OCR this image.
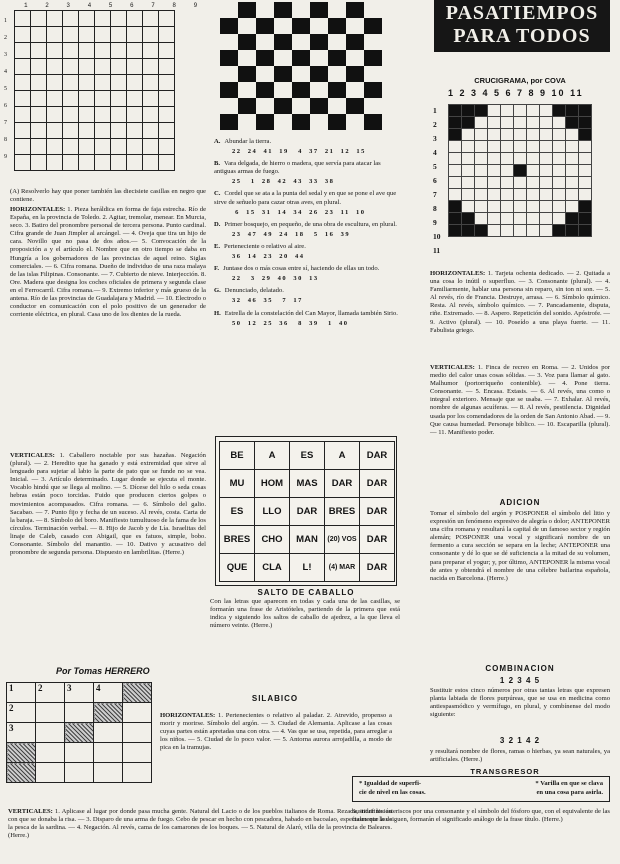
1 2 3 4 5 6 7 8 9
1
2
3
4
5
6
7
8
9

(A) Resolverlo hay que poner también las diecisiete casillas en negro que contiene.
HORIZONTALES: 1. Pieza heráldica en forma de faja estrecha. Río de España, en la provincia de Toledo. 2. Agitar, tremolar, menear. En Murcia, seco. 3. Batiro del pronombre personal de tercera persona. Punto cardinal. Cifra grande de Juan Jimpler al arcángel. — 4. Oveja que tira un hijo de cara. Novillo que no pasa de dos años.— 5. Convocación de la proposición a y el artículo el. Nombre que en otro tiempo se daba en Hungría a los gobernadores de las provincias de aquel reino. Siglas comerciales. — 6. Cifra romana. Dueño de individuo de una raza malaya de las islas Filipinas. Consonante. — 7. Cubierto de nieve. Interjección. 8. Ore. Madera que designa los coches oficiales de primera y segunda clase en el Ferrocarril. Cifra romana.— 9. Extremo inferior y más grueso de la antena. Río de las provincias de Guadalajara y Madrid. — 10. Electrodo o conductor en comunicación con el polo positivo de un generador de corriente eléctrica, en plural. Casa uno de los dientes de la rueda.
VERTICALES: 1. Caballero noctable por sus hazañas. Negación (plural). — 2. Heredito que ha ganado y está extremidad que sirve al lenguado para sujetar al labio la parte de pato que se funde no se vea. Inicial. — 3. Artículo determinado. Lugar donde se ejecuta el monte. Vocablo hindú que se llega al molino. — 5. Dícese del hilo o seda cosas hebras están poco torcidas. Fuido que producen ciertos golpes o movimientos acompasados. Cifra romana. — 6. Símbolo del galio. Sacabao. — 7. Punto fijo y fecha de un suceso. Al revés, costa. Carta de la baraja. — 8. Símbolo del boro. Manifiesto tumultuoso de la fama de los círculos. Terminación verbal. — 8. Hijo de Jacob y de Lía. Israelitas del linaje de Caleb, casado con Abigail, que es fatuos, simple, bobo. Consonante. Símbolo del manantio. — 10. Dativo y acusativo del pronombre de segunda persona. Dispuesto en lambrilitas. (Herre.)
Por Tomas HERRERO
1	2	3	4	
2				
3				

SILABICO
HORIZONTALES: 1. Pertenecientes o relativo al paladar. 2. Atrevido, propenso a morir y morirse. Símbolo del argón. — 3. Ciudad de Alemania. Aplicase a las cosas cuyas partes están apretadas una con otra. — 4. Vas que se usa, repetida, para arreglar a los niños. — 5. Ciudad de lo poco valor. — 5. Antorna aurora arrojadilla, a modo de pica en la tramujas.
VERTICALES: 1. Aplicase al lugar por donde pasa mucha gente. Natural del Lacio o de los pueblos italianos de Roma. Rezada, indefinición con que se donaba la risa. — 3. Disparo de una arma de fuego. Cebo de pescar en hecho con pescadora, habado en bacoalao, especialmente la de la pesca de la sardina. — 4. Negación. Al revés, cama de los camarones de los boques. — 5. Natural de Alaró, villa de la provincia de Baleares. (Herre.)

A. Abundar la tierra.
22  24  41  19   4  37  21  12  15
B. Vara delgada, de hierro o madera, que servía para atacar las antiguas armas de fuego.
25   1  28  42  43  33  38
C. Cordel que se ata a la punta del sedal y en que se pone el ave que sirve de señuelo para cazar otras aves, en plural.
6  15  31  14  34  26  23  11  10
D. Primer bosquejo, en pequeño, de una obra de escultura, en plural.
23  47  49  24  18   5  16  39
E. Perteneciente o relativo al aire.
36  14  23  20  44
F. Juntase dos o más cosas entre sí, haciendo de ellas un todo.
22   3  29  40  30  13
G. Denunciado, delatado.
32  46  35   7  17
H. Estrella de la constelación del Can Mayor, llamada también Sirio.
50  12  25  36   8  39   1  40
BE	A	ES	A	DAR
MU	HOM	MAS	DAR	DAR
ES	LLO	DAR	BRES	DAR
BRES	CHO	MAN	(20) VOS	DAR
QUE	CLA	L!	(4) MAR	DAR
SALTO DE CABALLO
Con las letras que aparecen en todas y cada una de las casillas, se formarán una frase de Aristóteles, partiendo de la primera que está indica y siguiendo los saltos de caballo de ajedrez, a la que lleva el número veinte. (Herre.)
PASATIEMPOS
PARA TODOS
CRUCIGRAMA, por COVA
1 2 3 4 5 6 7 8 9 10 11
1
2
3
4
5
6
7
8
9
10
11

HORIZONTALES: 1. Tarjeta ochenta dedicado. — 2. Quitada a una cosa lo inútil o superfluo. — 3. Consonante (plural). — 4. Familiarmente, hablar una persona sin reparo, sin ton ni son. — 5. Al revés, río de Francia. Destruye, arrasa. — 6. Símbolo químico. Resta. Al revés, símbolo químico. — 7. Pancadamente, disputa, riñe. Extremado. — 8. Aspero. Repetición del sonido. Apóstrofe. — 9. Activo (plural). — 10. Poseído a una playa fuerte. — 11. Fabulista griego.
VERTICALES: 1. Finca de recreo en Roma. — 2. Unidos por medio del calor unas cosas sólidas. — 3. Voz para llamar al gato. Malhumor (portorriqueño contenible). — 4. Pone tierra. Consonante. — 5. Encasa. Extasis. — 6. Al revés, una como o integral exterioro. Mensaje que se usaba. — 7. Exhalar. Al revés, nombre de algunas acuíferas. — 8. Al revés, pestilencia. Dignidad usada por los comendadores de la orden de San Antonio Abad. — 9. Que causa humedad. Personaje bíblico. — 10. Escaparilla (plural). — 11. Manifiesto poder.
ADICION
Tomar el símbolo del argón y POSPONER el símbolo del litio y expresión un fenómeno expresivo de alegría o dolor; ANTEPONER una cifra romana y resultará la capital de un famoso sector y región alemán; POSPONER una vocal y significará nombre de un fermento a cura sección se separa en la leche; ANTEPONER una consonante y dé lo que se dé suficiencia a la mitad de su volumen, para preparar el yogur; y, por último, ANTEPONER la misma vocal de antes y obtendrá el nombre de una célebre bailarina española, nacida en Barcelona. (Herre.)
COMBINACION
1 2 3 4 5
Sustituir estos cinco números por otras tantas letras que expresen planta labiada de flores purpúreas, que se usa en medicina como antiespasmódico y vermífugo, en plural, y combínense del modo siguiente:
3 2 1 4 2
y resultará nombre de flores, ramas o hierbas, ya sean naturales, ya artificiales. (Herre.)
TRANSGRESOR
* Igualdad de superfi-	* Varilla en que se clava
cie de nivel en las cosas.	en una cosa para asirla.
Sustituir los asteriscos por una consonante y el símbolo del fósforo que, con el equivalente de las frases que los siguen, formarán el significado análogo de la frase título. (Herre.)
